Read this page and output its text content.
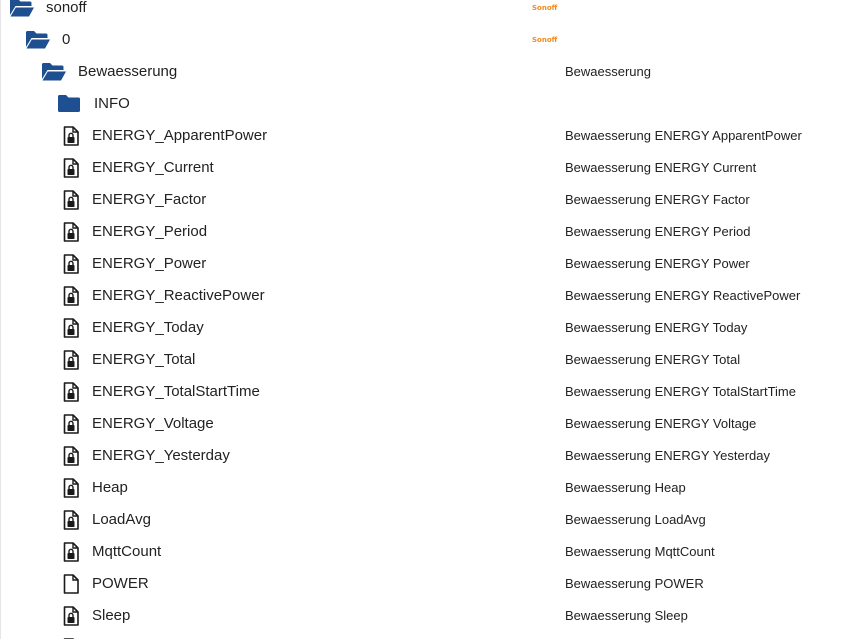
sonoff	Sonoff
0	Sonoff
Bewaesserung	Bewaesserung
INFO
ENERGY_ApparentPower	Bewaesserung ENERGY ApparentPower
ENERGY_Current	Bewaesserung ENERGY Current
ENERGY_Factor	Bewaesserung ENERGY Factor
ENERGY_Period	Bewaesserung ENERGY Period
ENERGY_Power	Bewaesserung ENERGY Power
ENERGY_ReactivePower	Bewaesserung ENERGY ReactivePower
ENERGY_Today	Bewaesserung ENERGY Today
ENERGY_Total	Bewaesserung ENERGY Total
ENERGY_TotalStartTime	Bewaesserung ENERGY TotalStartTime
ENERGY_Voltage	Bewaesserung ENERGY Voltage
ENERGY_Yesterday	Bewaesserung ENERGY Yesterday
Heap	Bewaesserung Heap
LoadAvg	Bewaesserung LoadAvg
MqttCount	Bewaesserung MqttCount
POWER	Bewaesserung POWER
Sleep	Bewaesserung Sleep
